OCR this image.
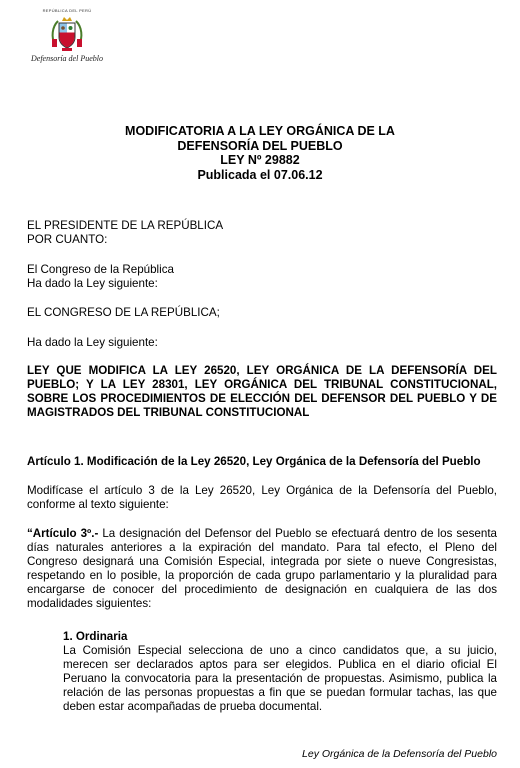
REPÚBLICA DEL PERÚ
Defensoría del Pueblo
MODIFICATORIA A LA LEY ORGÁNICA DE LA
DEFENSORÍA DEL PUEBLO
LEY Nº 29882
Publicada el 07.06.12
EL PRESIDENTE DE LA REPÚBLICA
POR CUANTO:
El Congreso de la República
Ha dado la Ley siguiente:
EL CONGRESO DE LA REPÚBLICA;
Ha dado la Ley siguiente:
LEY QUE MODIFICA LA LEY 26520, LEY ORGÁNICA DE LA DEFENSORÍA DEL PUEBLO; Y LA LEY 28301, LEY ORGÁNICA DEL TRIBUNAL CONSTITUCIONAL, SOBRE LOS PROCEDIMIENTOS DE ELECCIÓN DEL DEFENSOR DEL PUEBLO Y DE MAGISTRADOS DEL TRIBUNAL CONSTITUCIONAL
Artículo 1. Modificación de la Ley 26520, Ley Orgánica de la Defensoría del Pueblo
Modifícase el artículo 3 de la Ley 26520, Ley Orgánica de la Defensoría del Pueblo, conforme al texto siguiente:
“Artículo 3º.- La designación del Defensor del Pueblo se efectuará dentro de los sesenta días naturales anteriores a la expiración del mandato. Para tal efecto, el Pleno del Congreso designará una Comisión Especial, integrada por siete o nueve Congresistas, respetando en lo posible, la proporción de cada grupo parlamentario y la pluralidad para encargarse de conocer del procedimiento de designación en cualquiera de las dos modalidades siguientes:
1. Ordinaria
La Comisión Especial selecciona de uno a cinco candidatos que, a su juicio, merecen ser declarados aptos para ser elegidos. Publica en el diario oficial El Peruano la convocatoria para la presentación de propuestas. Asimismo, publica la relación de las personas propuestas a fin que se puedan formular tachas, las que deben estar acompañadas de prueba documental.
Ley Orgánica de la Defensoría del Pueblo
